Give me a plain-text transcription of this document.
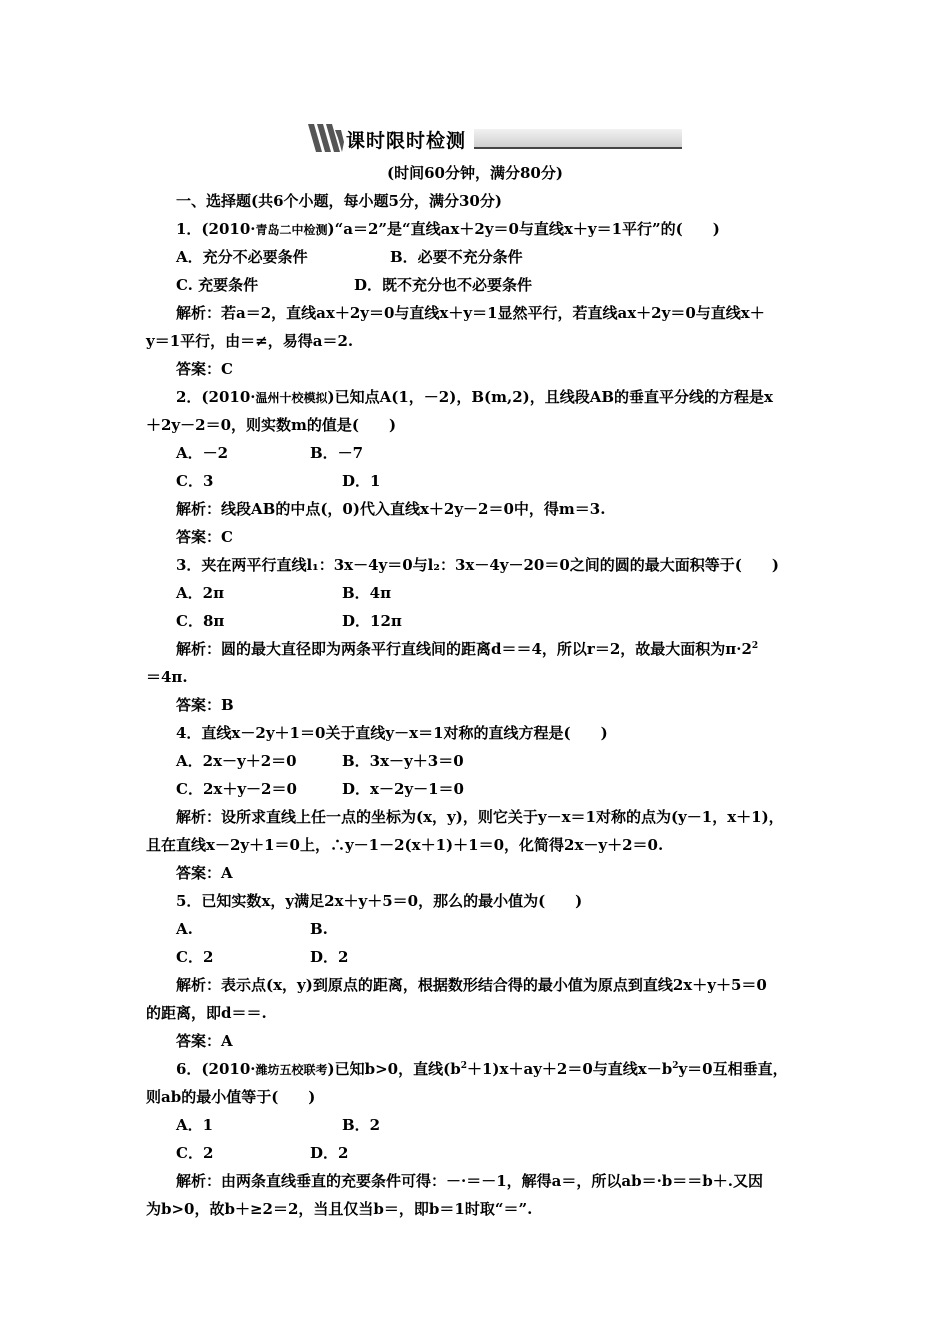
课时限时检测
(时间60分钟，满分80分)
一、选择题(共6个小题，每小题5分，满分30分)
1．(2010·青岛二中检测)“a＝2”是“直线ax＋2y＝0与直线x＋y＝1平行”的(　　)
A．充分不必要条件	B．必要不充分条件
C. 充要条件	D．既不充分也不必要条件
解析：若a＝2，直线ax＋2y＝0与直线x＋y＝1显然平行，若直线ax＋2y＝0与直线x＋
y＝1平行，由＝≠，易得a＝2.
答案：C
2．(2010·温州十校模拟)已知点A(1，－2)，B(m,2)，且线段AB的垂直平分线的方程是x
＋2y－2＝0，则实数m的值是(　　)
A．－2	B．－7
C．3	D．1
解析：线段AB的中点(，0)代入直线x＋2y－2＝0中，得m＝3.
答案：C
3．夹在两平行直线l₁：3x－4y＝0与l₂：3x－4y－20＝0之间的圆的最大面积等于(　　)
A．2π	B．4π
C．8π	D．12π
解析：圆的最大直径即为两条平行直线间的距离d＝＝4，所以r＝2，故最大面积为$\pi\cdot 2^2$
＝4π.
答案：B
4．直线x－2y＋1＝0关于直线y－x＝1对称的直线方程是(　　)
A．2x－y＋2＝0	B．3x－y＋3＝0
C．2x＋y－2＝0	D．x－2y－1＝0
解析：设所求直线上任一点的坐标为(x，y)，则它关于y－x＝1对称的点为(y－1，x＋1)，
且在直线x－2y＋1＝0上，∴y－1－2(x＋1)＋1＝0，化简得2x－y＋2＝0.
答案：A
5．已知实数x，y满足2x＋y＋5＝0，那么的最小值为(　　)
A.	B.
C．2	D．2
解析：表示点(x，y)到原点的距离，根据数形结合得的最小值为原点到直线2x＋y＋5＝0
的距离，即d＝＝.
答案：A
6．(2010·潍坊五校联考)已知b>0，直线$(b^2+1)x+ay+2=0$与直线$x-b^2y=0$互相垂直，
则ab的最小值等于(　　)
A．1	B．2
C．2	D．2
解析：由两条直线垂直的充要条件可得：－·＝－1，解得a＝，所以ab＝·b＝＝b＋.又因
为b>0，故b＋≥2＝2，当且仅当b＝，即b＝1时取“＝”.
